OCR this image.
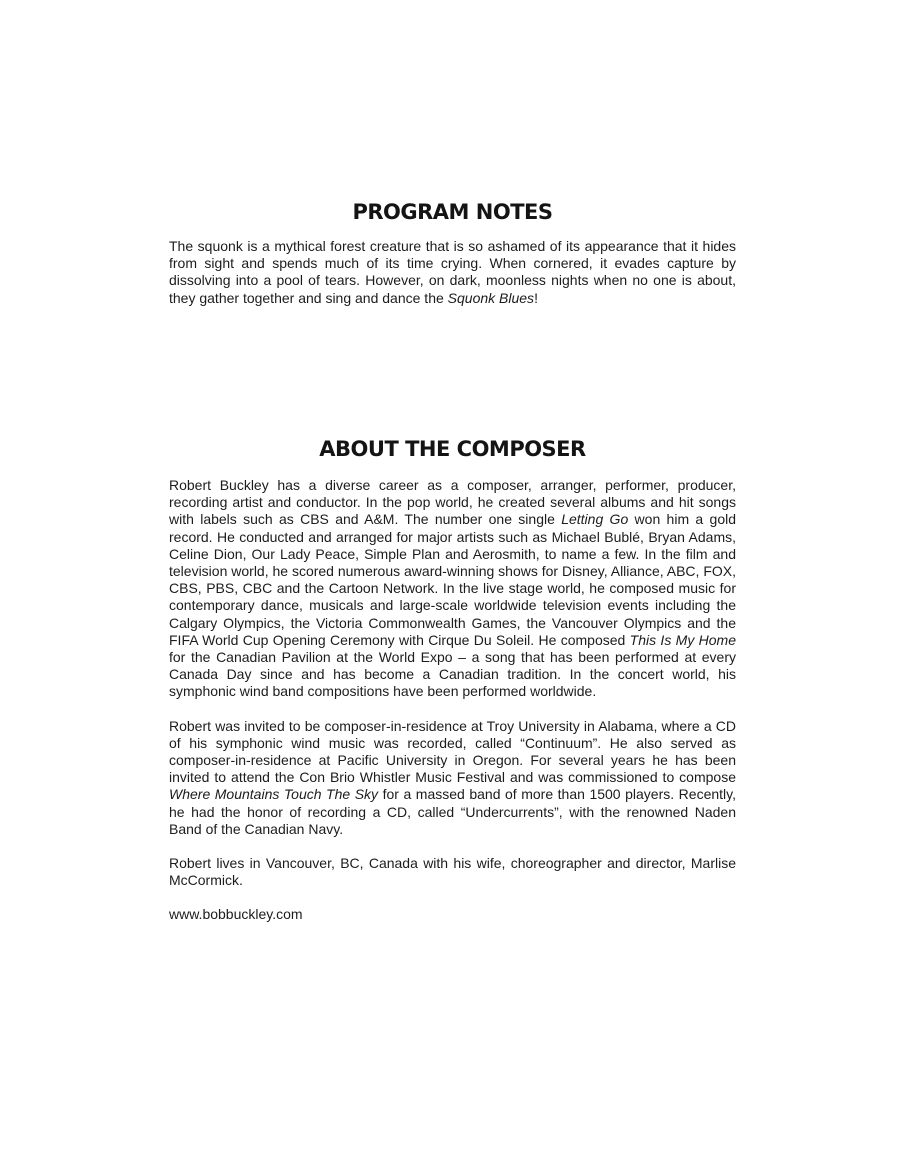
PROGRAM NOTES

The squonk is a mythical forest creature that is so ashamed of its appearance that it hides from sight and spends much of its time crying. When cornered, it evades capture by dissolving into a pool of tears. However, on dark, moonless nights when no one is about, they gather together and sing and dance the Squonk Blues!

ABOUT THE COMPOSER

Robert Buckley has a diverse career as a composer, arranger, performer, producer, recording artist and conductor. In the pop world, he created several albums and hit songs with labels such as CBS and A&M. The number one single Letting Go won him a gold record. He conducted and arranged for major artists such as Michael Bublé, Bryan Adams, Celine Dion, Our Lady Peace, Simple Plan and Aerosmith, to name a few. In the film and television world, he scored numerous award-winning shows for Disney, Alliance, ABC, FOX, CBS, PBS, CBC and the Cartoon Network. In the live stage world, he composed music for contemporary dance, musicals and large-scale worldwide television events including the Calgary Olympics, the Victoria Commonwealth Games, the Vancouver Olympics and the FIFA World Cup Opening Ceremony with Cirque Du Soleil. He composed This Is My Home for the Canadian Pavilion at the World Expo – a song that has been performed at every Canada Day since and has become a Canadian tradition. In the concert world, his symphonic wind band compositions have been performed worldwide.

Robert was invited to be composer-in-residence at Troy University in Alabama, where a CD of his symphonic wind music was recorded, called “Continuum”. He also served as composer-in-residence at Pacific University in Oregon. For several years he has been invited to attend the Con Brio Whistler Music Festival and was commissioned to compose Where Mountains Touch The Sky for a massed band of more than 1500 players. Recently, he had the honor of recording a CD, called “Undercurrents”, with the renowned Naden Band of the Canadian Navy.

Robert lives in Vancouver, BC, Canada with his wife, choreographer and director, Marlise McCormick.

www.bobbuckley.com
